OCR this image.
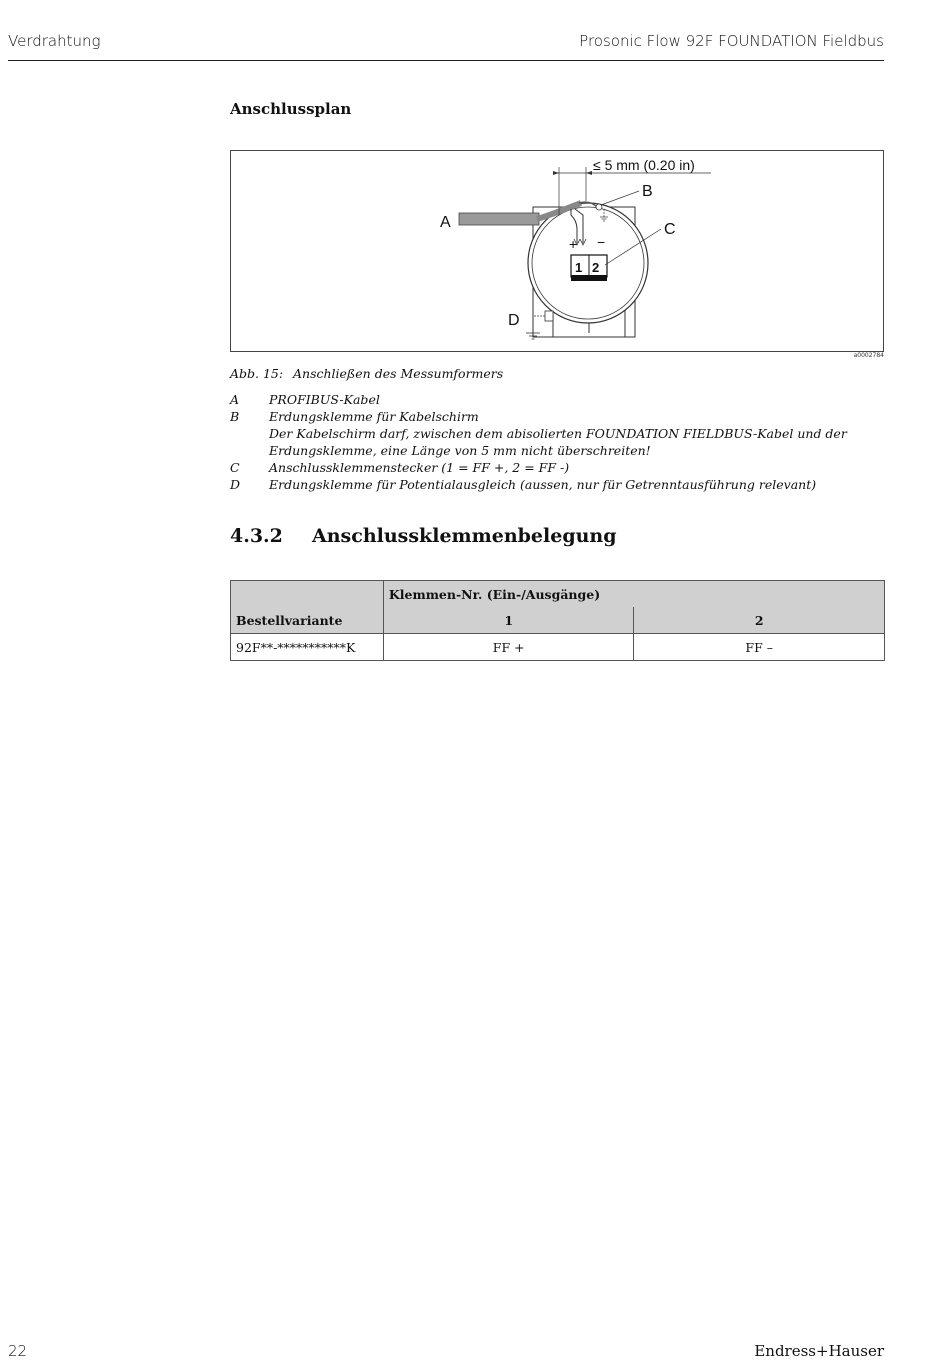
Verdrahtung	Prosonic Flow 92F FOUNDATION Fieldbus
Anschlussplan
+ −
1 2
≤ 5 mm (0.20 in)
A
B
C
D
a0002784
Abb. 15: Anschließen des Messumformers
A	PROFIBUS-Kabel
B	Erdungsklemme für Kabelschirm
Der Kabelschirm darf, zwischen dem abisolierten FOUNDATION FIELDBUS-Kabel und der Erdungsklemme, eine Länge von 5 mm nicht überschreiten!
C	Anschlussklemmenstecker (1 = FF +, 2 = FF -)
D	Erdungsklemme für Potentialausgleich (aussen, nur für Getrenntausführung relevant)
4.3.2 Anschlussklemmenbelegung
	Klemmen-Nr. (Ein-/Ausgänge)	
Bestellvariante	1	2
92F**-***********K	FF +	FF –
22	Endress+Hauser
